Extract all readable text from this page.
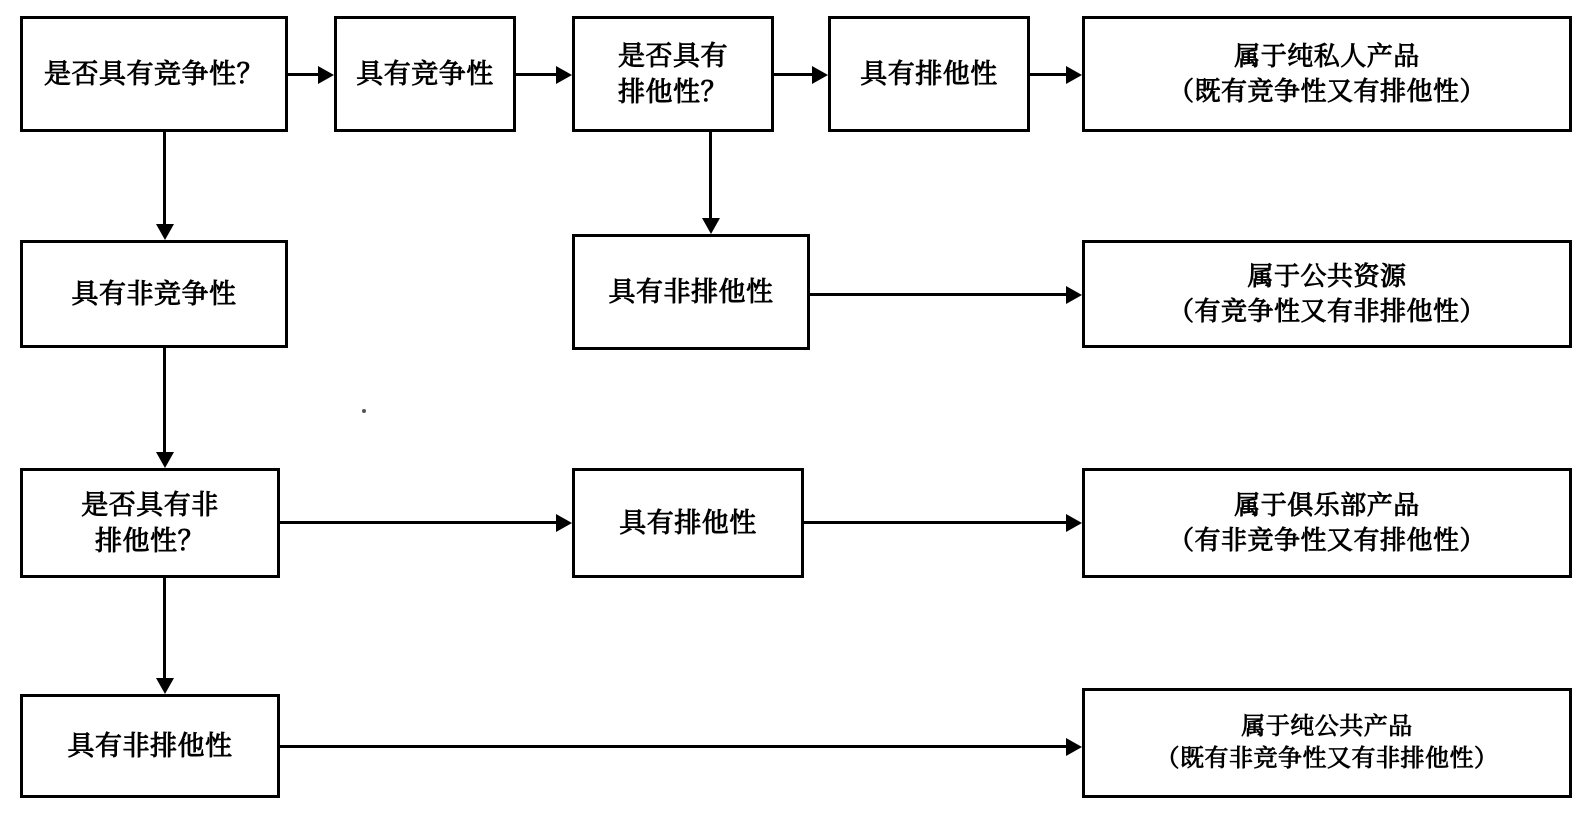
是否具有竞争性？	具有竞争性
是否具有
排他性？
具有排他性
属于纯私人产品
（既有竞争性又有排他性）
具有非竞争性	具有非排他性
属于公共资源
（有竞争性又有非排他性）
是否具有非
排他性？
具有排他性
属于俱乐部产品
（有非竞争性又有排他性）
具有非排他性
属于纯公共产品
（既有非竞争性又有非排他性）
